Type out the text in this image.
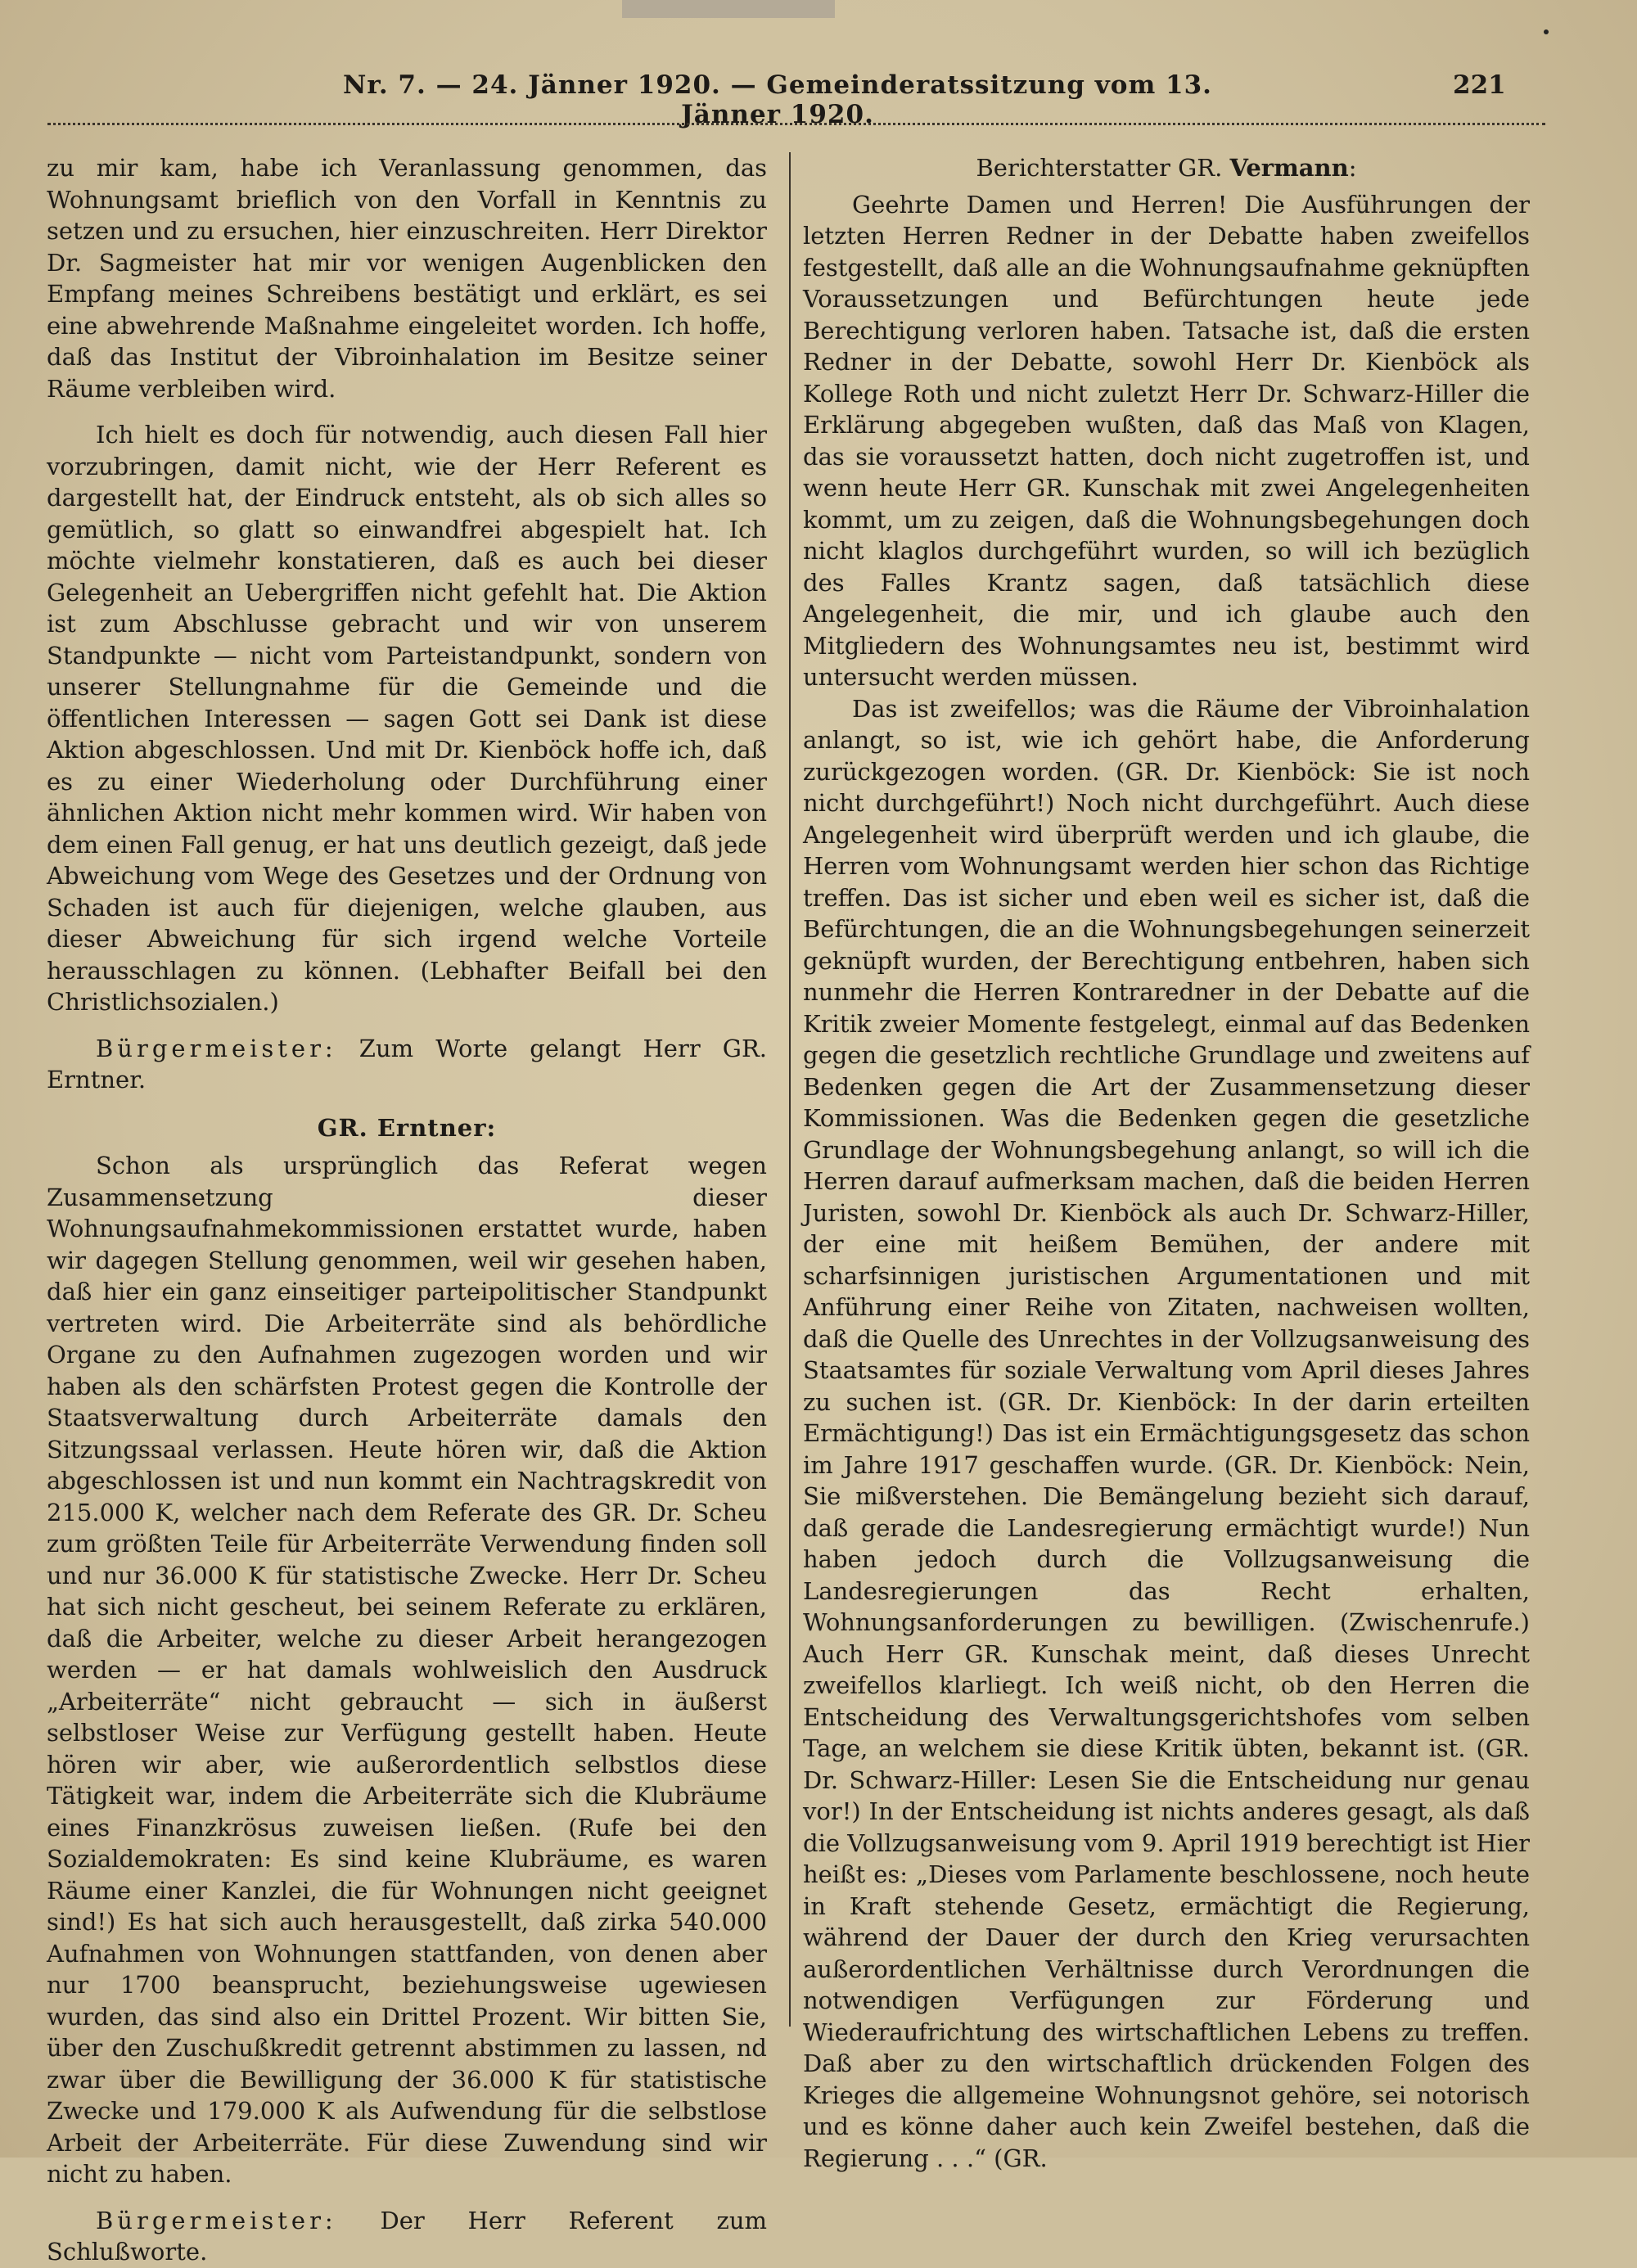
Nr. 7. — 24. Jänner 1920. — Gemeinderatssitzung vom 13. Jänner 1920.
221

zu mir kam, habe ich Veranlassung genommen, das Wohnungsamt brieflich von den Vorfall in Kenntnis zu setzen und zu ersuchen, hier einzuschreiten. Herr Direktor Dr. Sagmeister hat mir vor wenigen Augenblicken den Empfang meines Schreibens bestätigt und erklärt, es sei eine abwehrende Maßnahme eingeleitet worden. Ich hoffe, daß das Institut der Vibroinhalation im Besitze seiner Räume verbleiben wird.

Ich hielt es doch für notwendig, auch diesen Fall hier vorzubringen, damit nicht, wie der Herr Referent es dargestellt hat, der Eindruck entsteht, als ob sich alles so gemütlich, so glatt so einwandfrei abgespielt hat. Ich möchte vielmehr konstatieren, daß es auch bei dieser Gelegenheit an Uebergriffen nicht gefehlt hat. Die Aktion ist zum Abschlusse gebracht und wir von unserem Standpunkte — nicht vom Parteistandpunkt, sondern von unserer Stellungnahme für die Gemeinde und die öffentlichen Interessen — sagen Gott sei Dank ist diese Aktion abgeschlossen. Und mit Dr. Kienböck hoffe ich, daß es zu einer Wiederholung oder Durchführung einer ähnlichen Aktion nicht mehr kommen wird. Wir haben von dem einen Fall genug, er hat uns deutlich gezeigt, daß jede Abweichung vom Wege des Gesetzes und der Ordnung von Schaden ist auch für diejenigen, welche glauben, aus dieser Abweichung für sich irgend welche Vorteile herausschlagen zu können. (Lebhafter Beifall bei den Christlichsozialen.)

Bürgermeister: Zum Worte gelangt Herr GR. Erntner.

GR. Erntner:

Schon als ursprünglich das Referat wegen Zusammensetzung dieser Wohnungsaufnahmekommissionen erstattet wurde, haben wir dagegen Stellung genommen, weil wir gesehen haben, daß hier ein ganz einseitiger parteipolitischer Standpunkt vertreten wird. Die Arbeiterräte sind als behördliche Organe zu den Aufnahmen zugezogen worden und wir haben als den schärfsten Protest gegen die Kontrolle der Staatsverwaltung durch Arbeiterräte damals den Sitzungssaal verlassen. Heute hören wir, daß die Aktion abgeschlossen ist und nun kommt ein Nachtragskredit von 215.000 K, welcher nach dem Referate des GR. Dr. Scheu zum größten Teile für Arbeiterräte Verwendung finden soll und nur 36.000 K für statistische Zwecke. Herr Dr. Scheu hat sich nicht gescheut, bei seinem Referate zu erklären, daß die Arbeiter, welche zu dieser Arbeit herangezogen werden — er hat damals wohlweislich den Ausdruck „Arbeiterräte“ nicht gebraucht — sich in äußerst selbstloser Weise zur Verfügung gestellt haben. Heute hören wir aber, wie außerordentlich selbstlos diese Tätigkeit war, indem die Arbeiterräte sich die Klubräume eines Finanzkrösus zuweisen ließen. (Rufe bei den Sozialdemokraten: Es sind keine Klubräume, es waren Räume einer Kanzlei, die für Wohnungen nicht geeignet sind!) Es hat sich auch herausgestellt, daß zirka 540.000 Aufnahmen von Wohnungen stattfanden, von denen aber nur 1700 beansprucht, beziehungsweise ugewiesen wurden, das sind also ein Drittel Prozent. Wir bitten Sie, über den Zuschußkredit getrennt abstimmen zu lassen, nd zwar über die Bewilligung der 36.000 K für statistische Zwecke und 179.000 K als Aufwendung für die selbstlose Arbeit der Arbeiterräte. Für diese Zuwendung sind wir nicht zu haben.

Bürgermeister: Der Herr Referent zum Schlußworte.

Berichterstatter GR. Vermann:

Geehrte Damen und Herren! Die Ausführungen der letzten Herren Redner in der Debatte haben zweifellos festgestellt, daß alle an die Wohnungsaufnahme geknüpften Voraussetzungen und Befürchtungen heute jede Berechtigung verloren haben. Tatsache ist, daß die ersten Redner in der Debatte, sowohl Herr Dr. Kienböck als Kollege Roth und nicht zuletzt Herr Dr. Schwarz-Hiller die Erklärung abgegeben wußten, daß das Maß von Klagen, das sie voraussetzt hatten, doch nicht zugetroffen ist, und wenn heute Herr GR. Kunschak mit zwei Angelegenheiten kommt, um zu zeigen, daß die Wohnungsbegehungen doch nicht klaglos durchgeführt wurden, so will ich bezüglich des Falles Krantz sagen, daß tatsächlich diese Angelegenheit, die mir, und ich glaube auch den Mitgliedern des Wohnungsamtes neu ist, bestimmt wird untersucht werden müssen.

Das ist zweifellos; was die Räume der Vibroinhalation anlangt, so ist, wie ich gehört habe, die Anforderung zurückgezogen worden. (GR. Dr. Kienböck: Sie ist noch nicht durchgeführt!) Noch nicht durchgeführt. Auch diese Angelegenheit wird überprüft werden und ich glaube, die Herren vom Wohnungsamt werden hier schon das Richtige treffen. Das ist sicher und eben weil es sicher ist, daß die Befürchtungen, die an die Wohnungsbegehungen seinerzeit geknüpft wurden, der Berechtigung entbehren, haben sich nunmehr die Herren Kontraredner in der Debatte auf die Kritik zweier Momente festgelegt, einmal auf das Bedenken gegen die gesetzlich rechtliche Grundlage und zweitens auf Bedenken gegen die Art der Zusammensetzung dieser Kommissionen. Was die Bedenken gegen die gesetzliche Grundlage der Wohnungsbegehung anlangt, so will ich die Herren darauf aufmerksam machen, daß die beiden Herren Juristen, sowohl Dr. Kienböck als auch Dr. Schwarz-Hiller, der eine mit heißem Bemühen, der andere mit scharfsinnigen juristischen Argumentationen und mit Anführung einer Reihe von Zitaten, nachweisen wollten, daß die Quelle des Unrechtes in der Vollzugsanweisung des Staatsamtes für soziale Verwaltung vom April dieses Jahres zu suchen ist. (GR. Dr. Kienböck: In der darin erteilten Ermächtigung!) Das ist ein Ermächtigungsgesetz das schon im Jahre 1917 geschaffen wurde. (GR. Dr. Kienböck: Nein, Sie mißverstehen. Die Bemängelung bezieht sich darauf, daß gerade die Landesregierung ermächtigt wurde!) Nun haben jedoch durch die Vollzugsanweisung die Landesregierungen das Recht erhalten, Wohnungsanforderungen zu bewilligen. (Zwischenrufe.) Auch Herr GR. Kunschak meint, daß dieses Unrecht zweifellos klarliegt. Ich weiß nicht, ob den Herren die Entscheidung des Verwaltungsgerichtshofes vom selben Tage, an welchem sie diese Kritik übten, bekannt ist. (GR. Dr. Schwarz-Hiller: Lesen Sie die Entscheidung nur genau vor!) In der Entscheidung ist nichts anderes gesagt, als daß die Vollzugsanweisung vom 9. April 1919 berechtigt ist Hier heißt es: „Dieses vom Parlamente beschlossene, noch heute in Kraft stehende Gesetz, ermächtigt die Regierung, während der Dauer der durch den Krieg verursachten außerordentlichen Verhältnisse durch Verordnungen die notwendigen Verfügungen zur Förderung und Wiederaufrichtung des wirtschaftlichen Lebens zu treffen. Daß aber zu den wirtschaftlich drückenden Folgen des Krieges die allgemeine Wohnungsnot gehöre, sei notorisch und es könne daher auch kein Zweifel bestehen, daß die Regierung . . .“ (GR.
